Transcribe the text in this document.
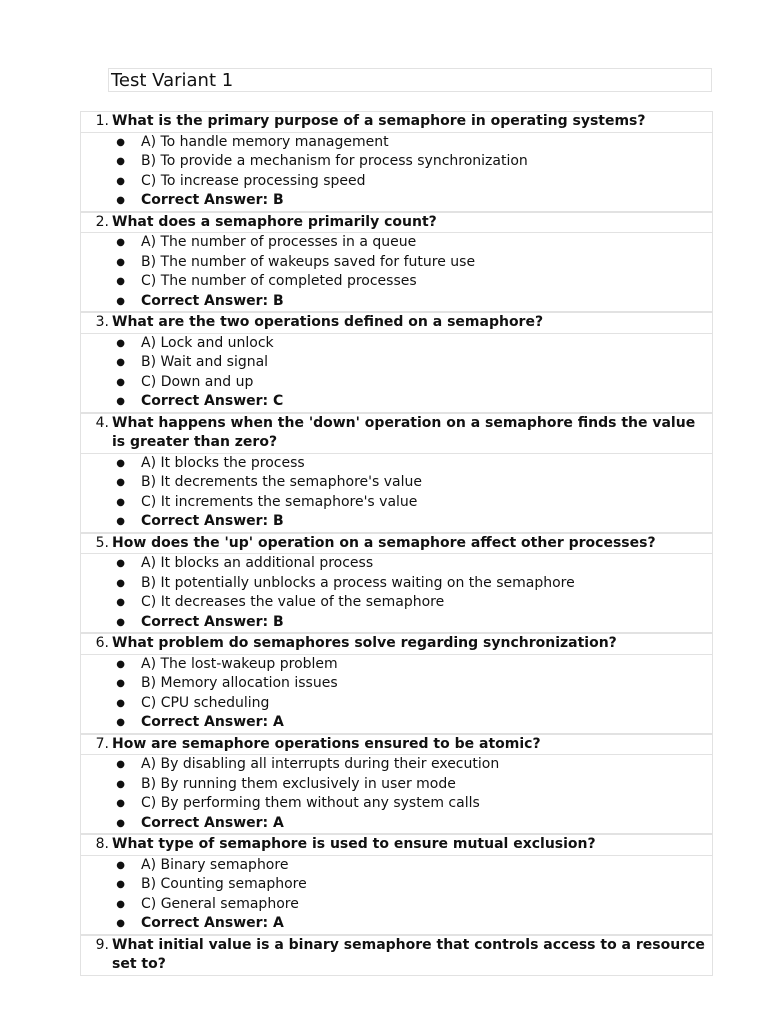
Test Variant 1
1. What is the primary purpose of a semaphore in operating systems?
●	A) To handle memory management
●	B) To provide a mechanism for process synchronization
●	C) To increase processing speed
●	Correct Answer: B
2. What does a semaphore primarily count?
●	A) The number of processes in a queue
●	B) The number of wakeups saved for future use
●	C) The number of completed processes
●	Correct Answer: B
3. What are the two operations defined on a semaphore?
●	A) Lock and unlock
●	B) Wait and signal
●	C) Down and up
●	Correct Answer: C
4. What happens when the 'down' operation on a semaphore finds the value is greater than zero?
●	A) It blocks the process
●	B) It decrements the semaphore's value
●	C) It increments the semaphore's value
●	Correct Answer: B
5. How does the 'up' operation on a semaphore affect other processes?
●	A) It blocks an additional process
●	B) It potentially unblocks a process waiting on the semaphore
●	C) It decreases the value of the semaphore
●	Correct Answer: B
6. What problem do semaphores solve regarding synchronization?
●	A) The lost-wakeup problem
●	B) Memory allocation issues
●	C) CPU scheduling
●	Correct Answer: A
7. How are semaphore operations ensured to be atomic?
●	A) By disabling all interrupts during their execution
●	B) By running them exclusively in user mode
●	C) By performing them without any system calls
●	Correct Answer: A
8. What type of semaphore is used to ensure mutual exclusion?
●	A) Binary semaphore
●	B) Counting semaphore
●	C) General semaphore
●	Correct Answer: A
9. What initial value is a binary semaphore that controls access to a resource set to?
